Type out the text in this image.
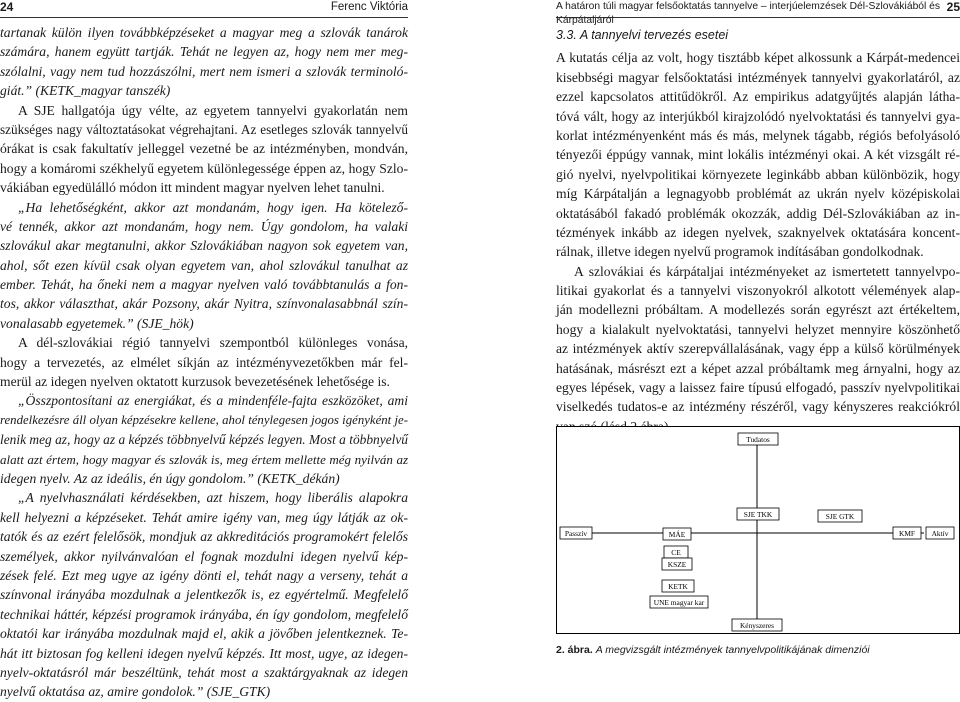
24	Ferenc Viktória
tartanak külön ilyen továbbképzéseket a magyar meg a szlovák tanárok
számára, hanem együtt tartják. Tehát ne legyen az, hogy nem mer meg-
szólalni, vagy nem tud hozzászólni, mert nem ismeri a szlovák terminoló-
giát.” (KETK_magyar tanszék)
A SJE hallgatója úgy vélte, az egyetem tannyelvi gyakorlatán nem
szükséges nagy változtatásokat végrehajtani. Az esetleges szlovák tannyelvű
órákat is csak fakultatív jelleggel vezetné be az intézményben, mondván,
hogy a komáromi székhelyű egyetem különlegessége éppen az, hogy Szlo-
vákiában egyedülálló módon itt mindent magyar nyelven lehet tanulni.
„Ha lehetőségként, akkor azt mondanám, hogy igen. Ha kötelező-
vé tennék, akkor azt mondanám, hogy nem. Úgy gondolom, ha valaki
szlovákul akar megtanulni, akkor Szlovákiában nagyon sok egyetem van,
ahol, sőt ezen kívül csak olyan egyetem van, ahol szlovákul tanulhat az
ember. Tehát, ha őneki nem a magyar nyelven való továbbtanulás a fon-
tos, akkor választhat, akár Pozsony, akár Nyitra, színvonalasabbnál szín-
vonalasabb egyetemek.” (SJE_hök)
A dél-szlovákiai régió tannyelvi szempontból különleges vonása,
hogy a tervezetés, az elmélet síkján az intézményvezetőkben már fel-
merül az idegen nyelven oktatott kurzusok bevezetésének lehetősége is.
„Összpontosítani az energiákat, és a mindenféle-fajta eszközöket, ami
rendelkezésre áll olyan képzésekre kellene, ahol ténylegesen jogos igényként je-
lenik meg az, hogy az a képzés többnyelvű képzés legyen. Most a többnyelvű
alatt azt értem, hogy magyar és szlovák is, meg értem mellette még nyilván az
idegen nyelv. Az az ideális, én úgy gondolom.” (KETK_dékán)
„A nyelvhasználati kérdésekben, azt hiszem, hogy liberális alapokra
kell helyezni a képzéseket. Tehát amire igény van, meg úgy látják az ok-
tatók és az ezért felelősök, mondjuk az akkreditációs programokért felelős
személyek, akkor nyilvánvalóan el fognak mozdulni idegen nyelvű kép-
zések felé. Ezt meg ugye az igény dönti el, tehát nagy a verseny, tehát a
színvonal irányába mozdulnak a jelentkezők is, ez egyértelmű. Megfelelő
technikai háttér, képzési programok irányába, én így gondolom, megfelelő
oktatói kar irányába mozdulnak majd el, akik a jövőben jelentkeznek. Te-
hát itt biztosan fog kelleni idegen nyelvű képzés. Itt most, ugye, az idegen-
nyelv-oktatásról már beszéltünk, tehát most a szaktárgyaknak az idegen
nyelvű oktatása az, amire gondolok.” (SJE_GTK)
A határon túli magyar felsőoktatás tannyelve – interjúelemzések Dél-Szlovákiából és Kárpátaljáról
25
3.3. A tannyelvi tervezés esetei
A kutatás célja az volt, hogy tisztább képet alkossunk a Kárpát-medencei
kisebbségi magyar felsőoktatási intézmények tannyelvi gyakorlatáról, az
ezzel kapcsolatos attitűdökről. Az empirikus adatgyűjtés alapján látha-
tóvá vált, hogy az interjúkból kirajzolódó nyelvoktatási és tannyelvi gya-
korlat intézményenként más és más, melynek tágabb, régiós befolyásoló
tényezői éppúgy vannak, mint lokális intézményi okai. A két vizsgált ré-
gió nyelvi, nyelvpolitikai környezete leginkább abban különbözik, hogy
míg Kárpátalján a legnagyobb problémát az ukrán nyelv középiskolai
oktatásából fakadó problémák okozzák, addig Dél-Szlovákiában az in-
tézmények inkább az idegen nyelvek, szaknyelvek oktatására koncent-
rálnak, illetve idegen nyelvű programok indításában gondolkodnak.
A szlovákiai és kárpátaljai intézményeket az ismertetett tannyelvpo-
litikai gyakorlat és a tannyelvi viszonyokról alkotott vélemények alap-
ján modellezni próbáltam. A modellezés során egyrészt azt értékeltem,
hogy a kialakult nyelvoktatási, tannyelvi helyzet mennyire köszönhető
az intézmények aktív szerepvállalásának, vagy épp a külső körülmények
hatásának, másrészt ezt a képet azzal próbáltamk meg árnyalni, hogy az
egyes lépések, vagy a laissez faire típusú elfogadó, passzív nyelvpolitikai
viselkedés tudatos-e az intézmény részéről, vagy kényszeres reakciókról
Tudatos
Kényszeres
Passzív	Aktív
SJE TKK	SJE GTK
KMF
MÁE
CE
KSZE
KETK
UNE magyar kar
2. ábra. A megvizsgált intézmények tannyelvpolitikájának dimenziói
